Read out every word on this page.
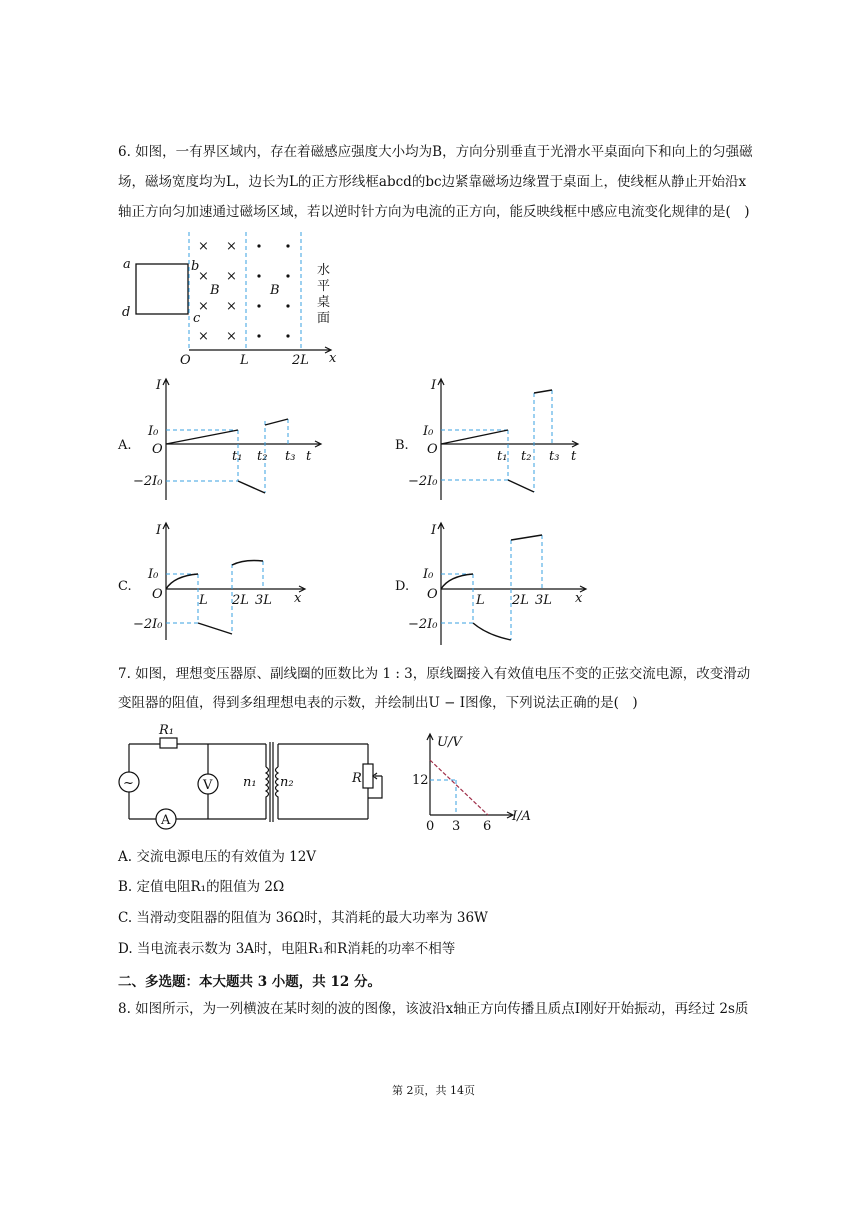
6. 如图，一有界区域内，存在着磁感应强度大小均为B，方向分别垂直于光滑水平桌面向下和向上的匀强磁
场，磁场宽度均为L，边长为L的正方形线框abcd的bc边紧靠磁场边缘置于桌面上，使线框从静止开始沿x
轴正方向匀加速通过磁场区域，若以逆时针方向为电流的正方向，能反映线框中感应电流变化规律的是(　)
a	b
c
d
× ×
× ×
× ×
× ×
B	B
水
平
桌
面
O	L	2L x
A.
I
I₀
O
−2I₀
t₁ t₂ t₃ t
B.
I
I₀
O
−2I₀
t₁ t₂ t₃ t
C.
I
I₀
O
−2I₀
L 2L 3L x
D.
I
I₀
O
−2I₀
L 2L 3L x
7. 如图，理想变压器原、副线圈的匝数比为 1 : 3，原线圈接入有效值电压不变的正弦交流电源，改变滑动
变阻器的阻值，得到多组理想电表的示数，并绘制出U − I图像，下列说法正确的是(　)
R₁
~
A
V n₁ n₂	R
U/V
I/A
12
0 3 6
A. 交流电源电压的有效值为 12V
B. 定值电阻R₁的阻值为 2Ω
C. 当滑动变阻器的阻值为 36Ω时，其消耗的最大功率为 36W
D. 当电流表示数为 3A时，电阻R₁和R消耗的功率不相等
二、多选题：本大题共 3 小题，共 12 分。
8. 如图所示，为一列横波在某时刻的波的图像，该波沿x轴正方向传播且质点I刚好开始振动，再经过 2s质
第 2页，共 14页
